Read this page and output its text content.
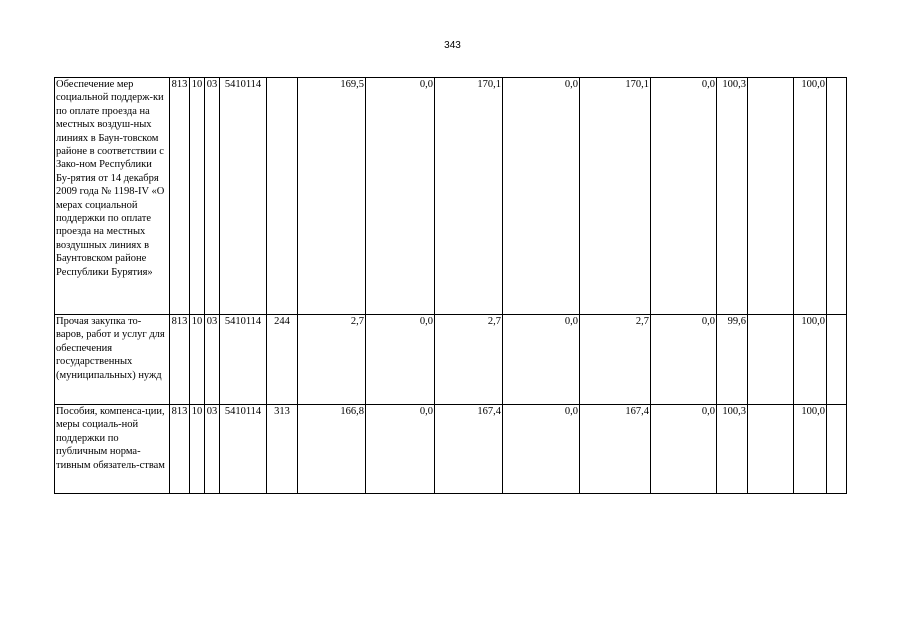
343
Обеспечение мер социальной поддерж-ки по оплате проезда на местных воздуш-ных линиях в Баун-товском районе в соответствии с Зако-ном Республики Бу-рятия от 14 декабря 2009 года № 1198-IV «О мерах социальной поддержки по оплате проезда на местных воздушных линиях в Баунтовском районе Республики Бурятия»	813	10	03	5410114		169,5	0,0	170,1	0,0	170,1	0,0	100,3		100,0	
Прочая закупка то-варов, работ и услуг для обеспечения государственных (муниципальных) нужд	813	10	03	5410114	244	2,7	0,0	2,7	0,0	2,7	0,0	99,6		100,0	
Пособия, компенса-ции, меры социаль-ной поддержки по публичным норма-тивным обязатель-ствам	813	10	03	5410114	313	166,8	0,0	167,4	0,0	167,4	0,0	100,3		100,0	
